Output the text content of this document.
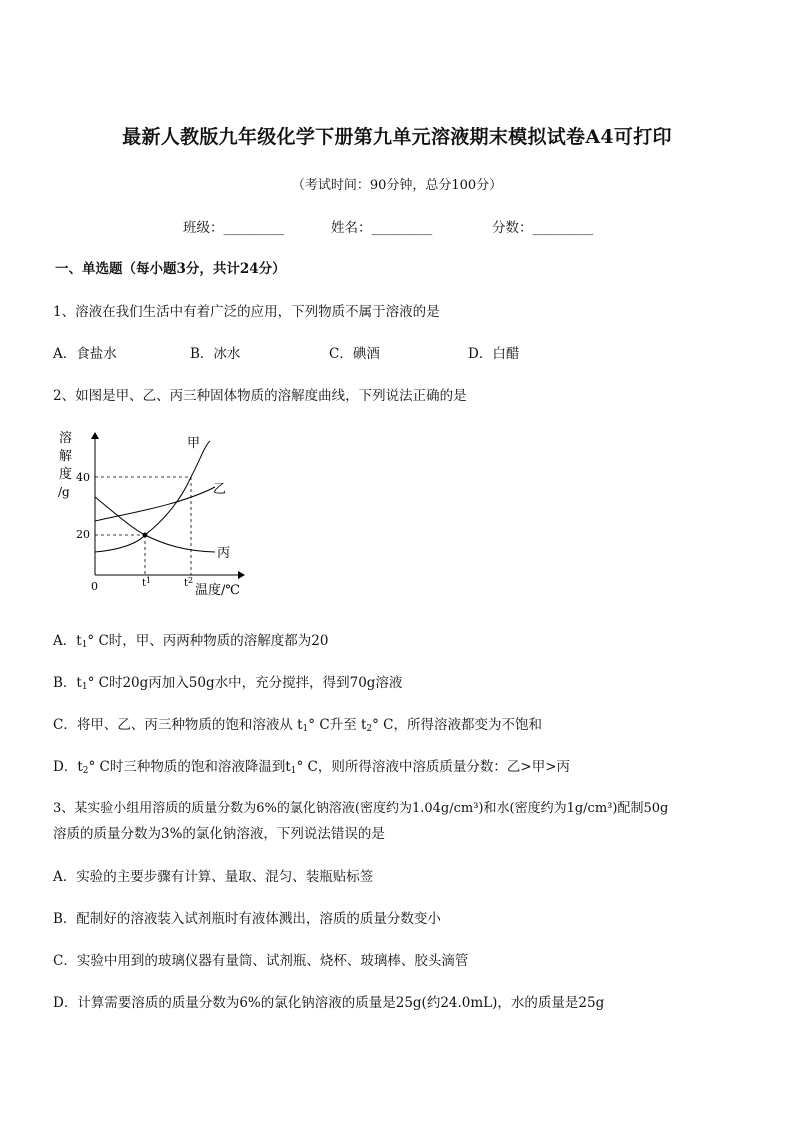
最新人教版九年级化学下册第九单元溶液期末模拟试卷A4可打印
（考试时间：90分钟，总分100分）
班级：_________	姓名：_________	分数：_________
一、单选题（每小题3分，共计24分）
1、溶液在我们生活中有着广泛的应用，下列物质不属于溶液的是
A．食盐水	B．冰水	C．碘酒	D．白醋
2、如图是甲、乙、丙三种固体物质的溶解度曲线，下列说法正确的是
溶
解
度
/g
40
20
0	$t^1$	$t^2$
温度/℃
甲
乙
丙
A．$t_1^\circ$ C时，甲、丙两种物质的溶解度都为20
B．$t_1^\circ$ C时20g丙加入50g水中，充分搅拌，得到70g溶液
C．将甲、乙、丙三种物质的饱和溶液从 $t_1^\circ$ C升至 $t_2^\circ$ C，所得溶液都变为不饱和
D．$t_2^\circ$ C时三种物质的饱和溶液降温到$t_1^\circ$ C，则所得溶液中溶质质量分数：乙>甲>丙
3、某实验小组用溶质的质量分数为6%的氯化钠溶液(密度约为1.04g/cm³)和水(密度约为1g/cm³)配制50g
溶质的质量分数为3%的氯化钠溶液，下列说法错误的是
A．实验的主要步骤有计算、量取、混匀、装瓶贴标签
B．配制好的溶液装入试剂瓶时有液体溅出，溶质的质量分数变小
C．实验中用到的玻璃仪器有量筒、试剂瓶、烧杯、玻璃棒、胶头滴管
D．计算需要溶质的质量分数为6%的氯化钠溶液的质量是25g(约24.0mL)，水的质量是25g
